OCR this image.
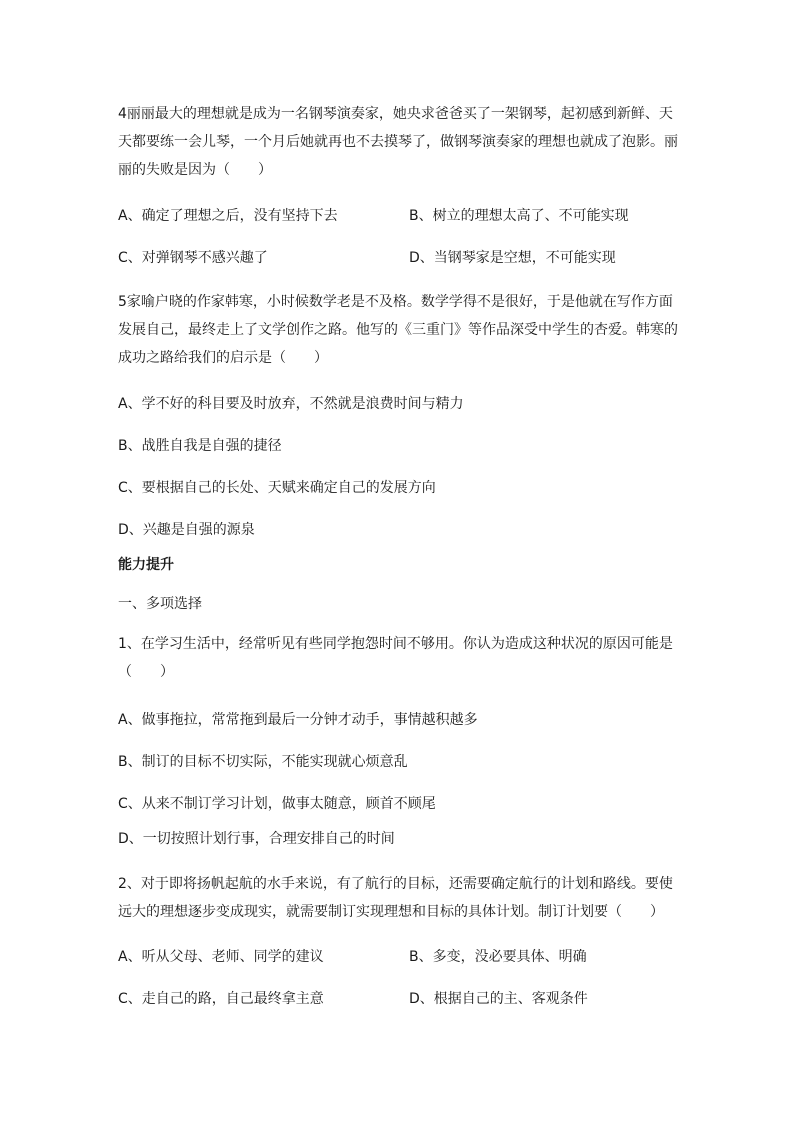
4丽丽最大的理想就是成为一名钢琴演奏家，她央求爸爸买了一架钢琴，起初感到新鲜、天天都要练一会儿琴，一个月后她就再也不去摸琴了，做钢琴演奏家的理想也就成了泡影。丽丽的失败是因为（　　）

A、确定了理想之后，没有坚持下去	B、树立的理想太高了、不可能实现
C、对弹钢琴不感兴趣了	D、当钢琴家是空想，不可能实现

5家喻户晓的作家韩寒，小时候数学老是不及格。数学学得不是很好，于是他就在写作方面发展自己，最终走上了文学创作之路。他写的《三重门》等作品深受中学生的杏爱。韩寒的成功之路给我们的启示是（　　）

A、学不好的科目要及时放弃，不然就是浪费时间与精力
B、战胜自我是自强的捷径
C、要根据自己的长处、天赋来确定自己的发展方向
D、兴趣是自强的源泉
能力提升
一、多项选择

1、在学习生活中，经常听见有些同学抱怨时间不够用。你认为造成这种状况的原因可能是（　　）

A、做事拖拉，常常拖到最后一分钟才动手，事情越积越多
B、制订的目标不切实际，不能实现就心烦意乱
C、从来不制订学习计划，做事太随意，顾首不顾尾
D、一切按照计划行事，合理安排自己的时间

2、对于即将扬帆起航的水手来说，有了航行的目标，还需要确定航行的计划和路线。要使远大的理想逐步变成现实，就需要制订实现理想和目标的具体计划。制订计划要（　　）

A、听从父母、老师、同学的建议	B、多变，没必要具体、明确
C、走自己的路，自己最终拿主意	D、根据自己的主、客观条件
